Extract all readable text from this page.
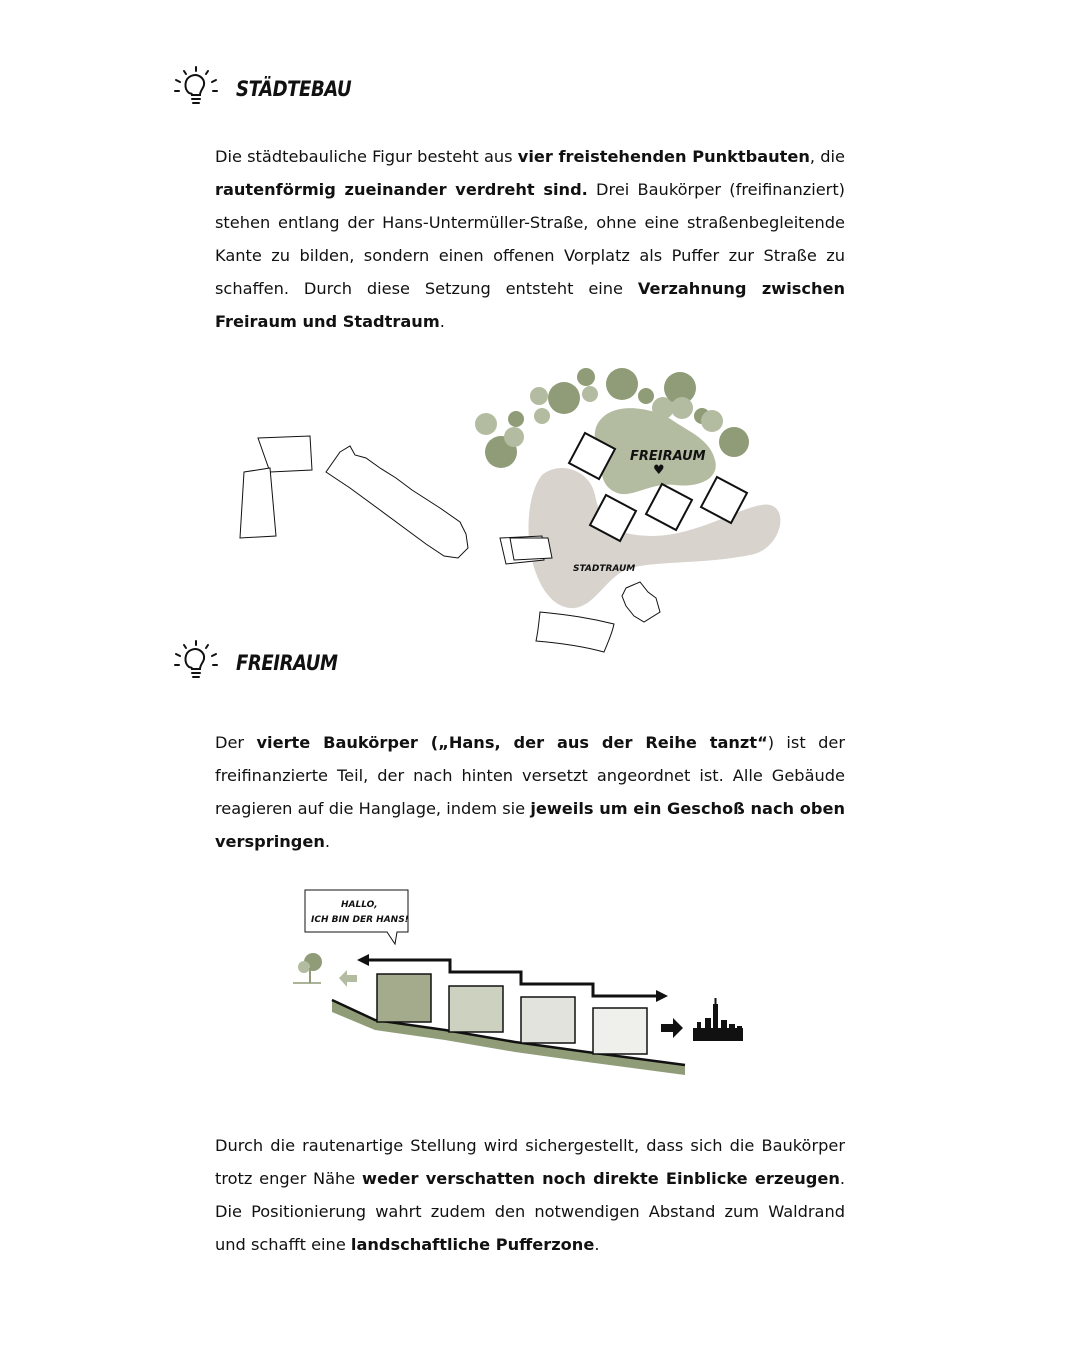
STÄDTEBAU
Die städtebauliche Figur besteht aus vier freistehenden Punktbauten, die rautenförmig zueinander verdreht sind. Drei Baukörper (freifinanziert) stehen entlang der Hans-Untermüller-Straße, ohne eine straßenbegleitende Kante zu bilden, sondern einen offenen Vorplatz als Puffer zur Straße zu schaffen. Durch diese Setzung entsteht eine Verzahnung zwischen Freiraum und Stadtraum.
FREIRAUM
♥
STADTRAUM
FREIRAUM
Der vierte Baukörper („Hans, der aus der Reihe tanzt“) ist der freifinanzierte Teil, der nach hinten versetzt angeordnet ist. Alle Gebäude reagieren auf die Hanglage, indem sie jeweils um ein Geschoß nach oben verspringen.
HALLO,
ICH BIN DER HANS!
Durch die rautenartige Stellung wird sichergestellt, dass sich die Baukörper trotz enger Nähe weder verschatten noch direkte Einblicke erzeugen. Die Positionierung wahrt zudem den notwendigen Abstand zum Waldrand und schafft eine landschaftliche Pufferzone.
